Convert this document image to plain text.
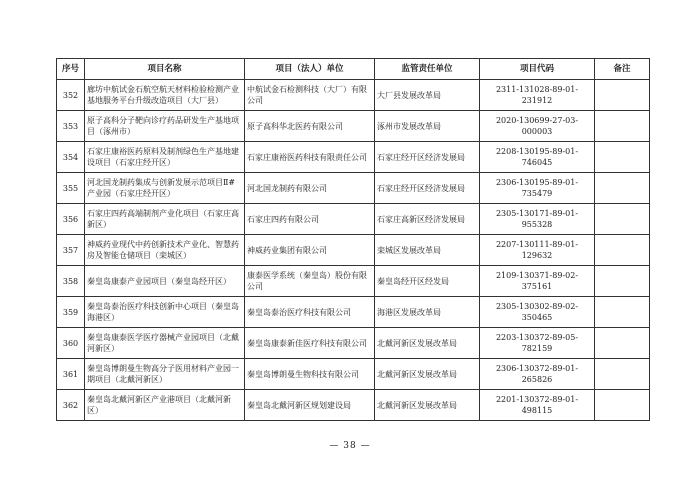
序号	项目名称	项目（法人）单位	监管责任单位	项目代码	备注
352	廊坊中航试金石航空航天材料检验检测产业基地服务平台升级改造项目（大厂县）	中航试金石检测科技（大厂）有限公司	大厂县发展改革局	2311-131028-89-01-231912	
353	原子高科分子靶向诊疗药品研发生产基地项目（涿州市）	原子高科华北医药有限公司	涿州市发展改革局	2020-130699-27-03-000003	
354	石家庄康裕医药原料及制剂绿色生产基地建设项目（石家庄经开区）	石家庄康裕医药科技有限责任公司	石家庄经开区经济发展局	2208-130195-89-01-746045	
355	河北国龙制药集成与创新发展示范项目Ⅱ#产业园（石家庄经开区）	河北国龙制药有限公司	石家庄经开区经济发展局	2306-130195-89-01-735479	
356	石家庄四药高端制剂产业化项目（石家庄高新区）	石家庄四药有限公司	石家庄高新区经济发展局	2305-130171-89-01-955328	
357	神威药业现代中药创新技术产业化、智慧药房及智能仓储项目（栾城区）	神威药业集团有限公司	栾城区发展改革局	2207-130111-89-01-129632	
358	秦皇岛康泰产业园项目（秦皇岛经开区）	康泰医学系统（秦皇岛）股份有限公司	秦皇岛经开区经发局	2109-130371-89-02-375161	
359	秦皇岛泰治医疗科技创新中心项目（秦皇岛海港区）	秦皇岛泰治医疗科技有限公司	海港区发展改革局	2305-130302-89-02-350465	
360	秦皇岛康泰医学医疗器械产业园项目（北戴河新区）	秦皇岛康泰新佳医疗科技有限公司	北戴河新区发展改革局	2203-130372-89-05-782159	
361	秦皇岛博朗曼生物高分子医用材料产业园一期项目（北戴河新区）	秦皇岛博朗曼生物科技有限公司	北戴河新区发展改革局	2306-130372-89-01-265826	
362	秦皇岛北戴河新区产业港项目（北戴河新区）	秦皇岛北戴河新区规划建设局	北戴河新区发展改革局	2201-130372-89-01-498115	
— 38 —
